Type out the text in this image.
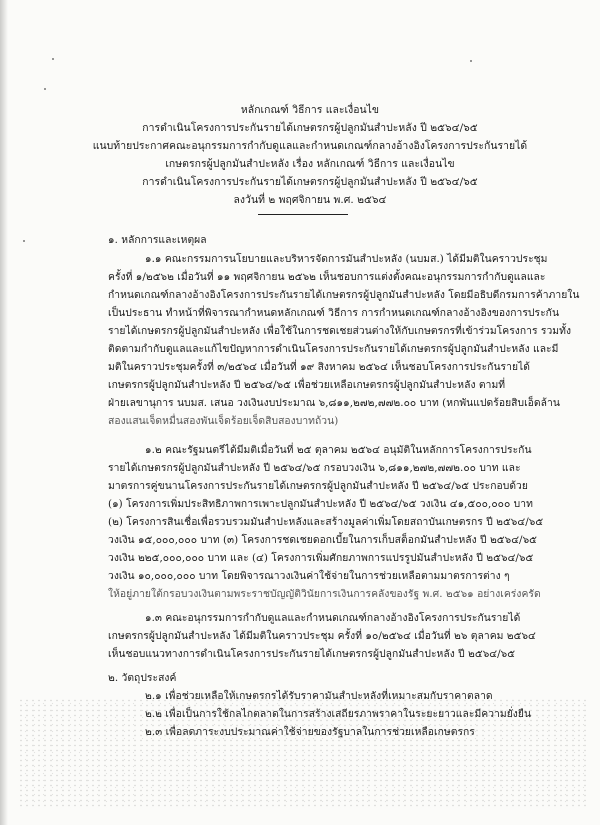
หลักเกณฑ์ วิธีการ และเงื่อนไข
การดำเนินโครงการประกันรายได้เกษตรกรผู้ปลูกมันสำปะหลัง ปี ๒๕๖๔/๖๕
แนบท้ายประกาศคณะอนุกรรมการกำกับดูแลและกำหนดเกณฑ์กลางอ้างอิงโครงการประกันรายได้
เกษตรกรผู้ปลูกมันสำปะหลัง เรื่อง หลักเกณฑ์ วิธีการ และเงื่อนไข
การดำเนินโครงการประกันรายได้เกษตรกรผู้ปลูกมันสำปะหลัง ปี ๒๕๖๔/๖๕
ลงวันที่ ๒ พฤศจิกายน พ.ศ. ๒๕๖๔
๑. หลักการและเหตุผล
๑.๑ คณะกรรมการนโยบายและบริหารจัดการมันสำปะหลัง (นบมส.) ได้มีมติในคราวประชุม
ครั้งที่ ๑/๒๕๖๒ เมื่อวันที่ ๑๑ พฤศจิกายน ๒๕๖๒ เห็นชอบการแต่งตั้งคณะอนุกรรมการกำกับดูแลและ
กำหนดเกณฑ์กลางอ้างอิงโครงการประกันรายได้เกษตรกรผู้ปลูกมันสำปะหลัง โดยมีอธิบดีกรมการค้าภายใน
เป็นประธาน ทำหน้าที่พิจารณากำหนดหลักเกณฑ์ วิธีการ การกำหนดเกณฑ์กลางอ้างอิงของการประกัน
รายได้เกษตรกรผู้ปลูกมันสำปะหลัง เพื่อใช้ในการชดเชยส่วนต่างให้กับเกษตรกรที่เข้าร่วมโครงการ รวมทั้ง
ติดตามกำกับดูแลและแก้ไขปัญหาการดำเนินโครงการประกันรายได้เกษตรกรผู้ปลูกมันสำปะหลัง และมี
มติในคราวประชุมครั้งที่ ๓/๒๕๖๔ เมื่อวันที่ ๑๙ สิงหาคม ๒๕๖๔ เห็นชอบโครงการประกันรายได้
เกษตรกรผู้ปลูกมันสำปะหลัง ปี ๒๕๖๔/๖๕ เพื่อช่วยเหลือเกษตรกรผู้ปลูกมันสำปะหลัง ตามที่
ฝ่ายเลขานุการ นบมส. เสนอ วงเงินงบประมาณ ๖,๘๑๑,๒๗๒,๗๗๒.๐๐ บาท (หกพันแปดร้อยสิบเอ็ดล้าน
สองแสนเจ็ดหมื่นสองพันเจ็ดร้อยเจ็ดสิบสองบาทถ้วน)
๑.๒ คณะรัฐมนตรีได้มีมติเมื่อวันที่ ๒๕ ตุลาคม ๒๕๖๔ อนุมัติในหลักการโครงการประกัน
รายได้เกษตรกรผู้ปลูกมันสำปะหลัง ปี ๒๕๖๔/๖๕ กรอบวงเงิน ๖,๘๑๑,๒๗๒,๗๗๒.๐๐ บาท และ
มาตรการคู่ขนานโครงการประกันรายได้เกษตรกรผู้ปลูกมันสำปะหลัง ปี ๒๕๖๔/๖๕ ประกอบด้วย
(๑) โครงการเพิ่มประสิทธิภาพการเพาะปลูกมันสำปะหลัง ปี ๒๕๖๔/๖๕ วงเงิน ๔๑,๕๐๐,๐๐๐ บาท
(๒) โครงการสินเชื่อเพื่อรวบรวมมันสำปะหลังและสร้างมูลค่าเพิ่มโดยสถาบันเกษตรกร ปี ๒๕๖๔/๖๕
วงเงิน ๑๕,๐๐๐,๐๐๐ บาท (๓) โครงการชดเชยดอกเบี้ยในการเก็บสต็อกมันสำปะหลัง ปี ๒๕๖๔/๖๕
วงเงิน ๒๒๕,๐๐๐,๐๐๐ บาท และ (๔) โครงการเพิ่มศักยภาพการแปรรูปมันสำปะหลัง ปี ๒๕๖๔/๖๕
วงเงิน ๑๐,๐๐๐,๐๐๐ บาท โดยพิจารณาวงเงินค่าใช้จ่ายในการช่วยเหลือตามมาตรการต่าง ๆ
ให้อยู่ภายใต้กรอบวงเงินตามพระราชบัญญัติวินัยการเงินการคลังของรัฐ พ.ศ. ๒๕๖๑ อย่างเคร่งครัด
๑.๓ คณะอนุกรรมการกำกับดูแลและกำหนดเกณฑ์กลางอ้างอิงโครงการประกันรายได้
เกษตรกรผู้ปลูกมันสำปะหลัง ได้มีมติในคราวประชุม ครั้งที่ ๑๐/๒๕๖๔ เมื่อวันที่ ๒๖ ตุลาคม ๒๕๖๔
เห็นชอบแนวทางการดำเนินโครงการประกันรายได้เกษตรกรผู้ปลูกมันสำปะหลัง ปี ๒๕๖๔/๖๕
๒. วัตถุประสงค์
๒.๑ เพื่อช่วยเหลือให้เกษตรกรได้รับราคามันสำปะหลังที่เหมาะสมกับราคาตลาด
๒.๒ เพื่อเป็นการใช้กลไกตลาดในการสร้างเสถียรภาพราคาในระยะยาวและมีความยั่งยืน
๒.๓ เพื่อลดภาระงบประมาณค่าใช้จ่ายของรัฐบาลในการช่วยเหลือเกษตรกร
